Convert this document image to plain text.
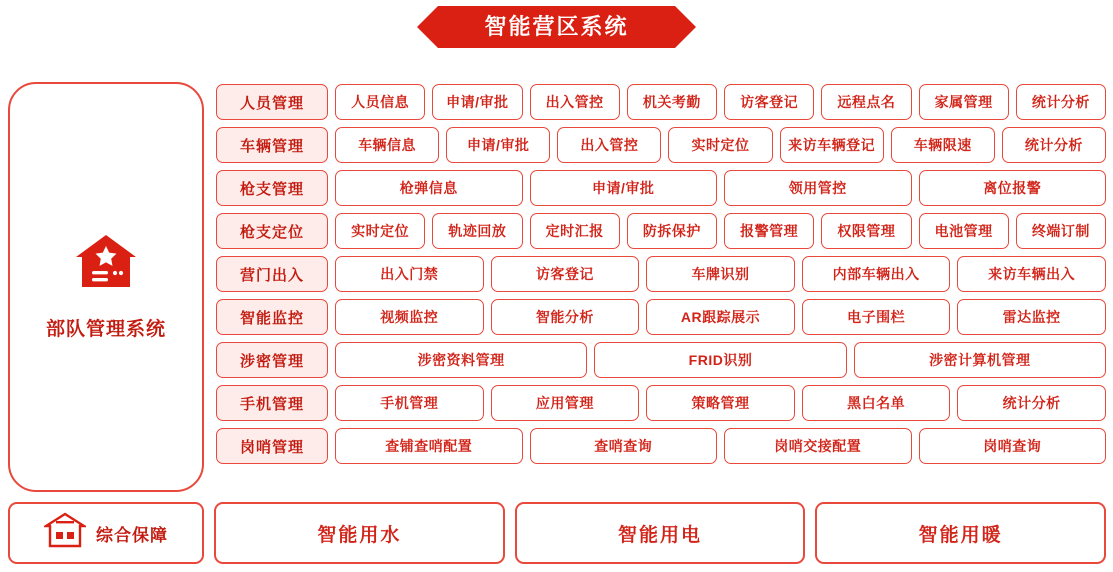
智能营区系统
部队管理系统
人员管理	人员信息	申请/审批	出入管控	机关考勤	访客登记	远程点名	家属管理	统计分析
车辆管理	车辆信息	申请/审批	出入管控	实时定位	来访车辆登记	车辆限速	统计分析
枪支管理	枪弹信息	申请/审批	领用管控	离位报警
枪支定位	实时定位	轨迹回放	定时汇报	防拆保护	报警管理	权限管理	电池管理	终端订制
营门出入	出入门禁	访客登记	车牌识别	内部车辆出入	来访车辆出入
智能监控	视频监控	智能分析	AR跟踪展示	电子围栏	雷达监控
涉密管理	涉密资料管理	FRID识别	涉密计算机管理
手机管理	手机管理	应用管理	策略管理	黑白名单	统计分析
岗哨管理	查铺查哨配置	查哨查询	岗哨交接配置	岗哨查询
综合保障	智能用水	智能用电	智能用暖
